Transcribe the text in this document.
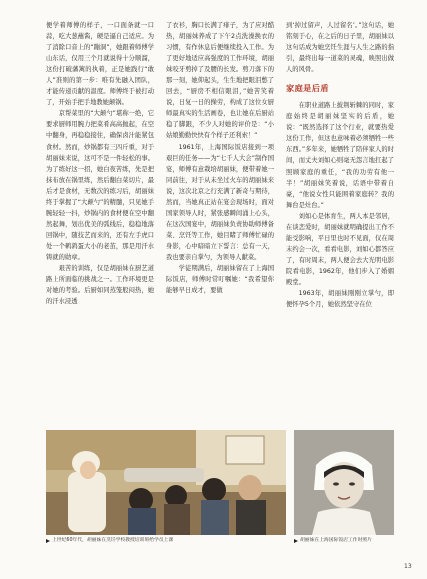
便学着师傅的样子，一口面条就一口蒜，吃大葱蘸酱，硬是逼自己适应。为了消除口音上的“蹦洞”，她跟着师傅学山东话，仅用三个月就说得十分顺溜，这份打破藩篱的执着，正是她践行“敢人”准则的第一步：唯有先融入团队，才能传递贡献的温度。师傅终于被打动了，开始手把手地教她颠锅。

京帮菜里的“大颠勺”堪称一绝，它要求厨师用腕力把菜肴高高抛起，在空中翻身，再稳稳接住，确保卤汁能紧包食材。然而，炒锅都有三四斤重，对于胡丽妹来说，这可不是一件轻松的事。为了练好这一招，她白夜苦练，先是把抹布放在锅里练，然后翻白菜切片，最后才是食材，无数次的练习后，胡丽妹终于掌握了“大颠勺”的精髓，只见她手腕轻轻一抖，炒锅内的食材便在空中翻然起舞，划出优美的弧线后，稳稳地落回锅中，随技艺而来的，还有左手虎口处一个鹌鹑蛋大小的老茧，那是用汗水铸就的勋章。

艰苦的训练，仅是胡丽妹在厨艺道路上所面临的挑战之一。工作环境更是对她的考验。后厨如同蒸笼般闷热，她的汗水浸透

了衣衫，胸口长满了痱子，为了应对酷热，胡丽妹养成了下午2点洗澡换衣的习惯，有作休息后便继续投入工作。为了更好地适应高强度的工作环境，胡丽妹咬牙剪掉了及腰的长发。剪刀落下的那一刻，她仰起头，生生地把眼泪憋了回去，“厨房不相信眼泪，”她苦笑着说，日复一日的操劳，构成了这位女厨师最真实的生活画卷，也让她在后厨站稳了脚跟，不少人对她的评价是：“小姑娘勤勤快快有个样子还利索！”

1961年，上海国际饭店接到一项艰巨的任务——为“七千人大会”制作国宴，师傅有意栽培胡丽妹，便带着她一同前往，对于从未坐过火车的胡丽妹来说，这次北京之行充满了新奇与期待，然而，当她真正站在宴会现场时，面对国家领导人时，紧张感瞬间涌上心头，在这次国宴中，胡丽妹负责协助师傅备菜、烹饪等工作，她目睹了师傅忙碌的身影，心中暗暗立下誓言：总有一天，我也要亲自掌勺，为领导人献菜。

学徒期满后，胡丽妹留在了上海国际饭店，师傅时常叮嘱她：“我希望你能够早日成才，要做

到‘掉过留声，人过留名’。”这句话，她铭刻于心，在之后的日子里，胡丽妹以这句话成为她烹饪生涯与人生之路的指引，最终出每一道菜的灵魂，映照出做人的风骨。

家庭是后盾

在职业道路上披荆斩棘的同时，家庭始终是胡丽妹坚实的后盾，她说：“既然选择了这个行业，就要热爱这份工作，但这也意味着必须牺牲一些东西。”多年来，她牺牲了陪伴家人的时间，而丈夫刘如心则毫无怨言地扛起了照顾家庭的重任，“我的功劳有他一半！”胡丽妹笑着说，话语中带着自豪，“他说女性只能围着家庭转？我的舞台是灶台。”

刘如心是体育生，两人本是邻居，在谈恋爱时，胡丽妹就明确提出工作不能受影响，平日里也时不见面，仅在周末约会一次，看看电影，刘如心都答应了，有时周末，两人便会去大光明电影院看电影，1962年，他们步入了婚姻殿堂。

1963年，胡丽妹刚刚立掌勺，即便怀孕5个月，她依然坚守在位

上世纪60年代，胡丽妹在烹饪学校教授培训班给学员上课	胡丽妹在上海国际饭店工作时照片
13
